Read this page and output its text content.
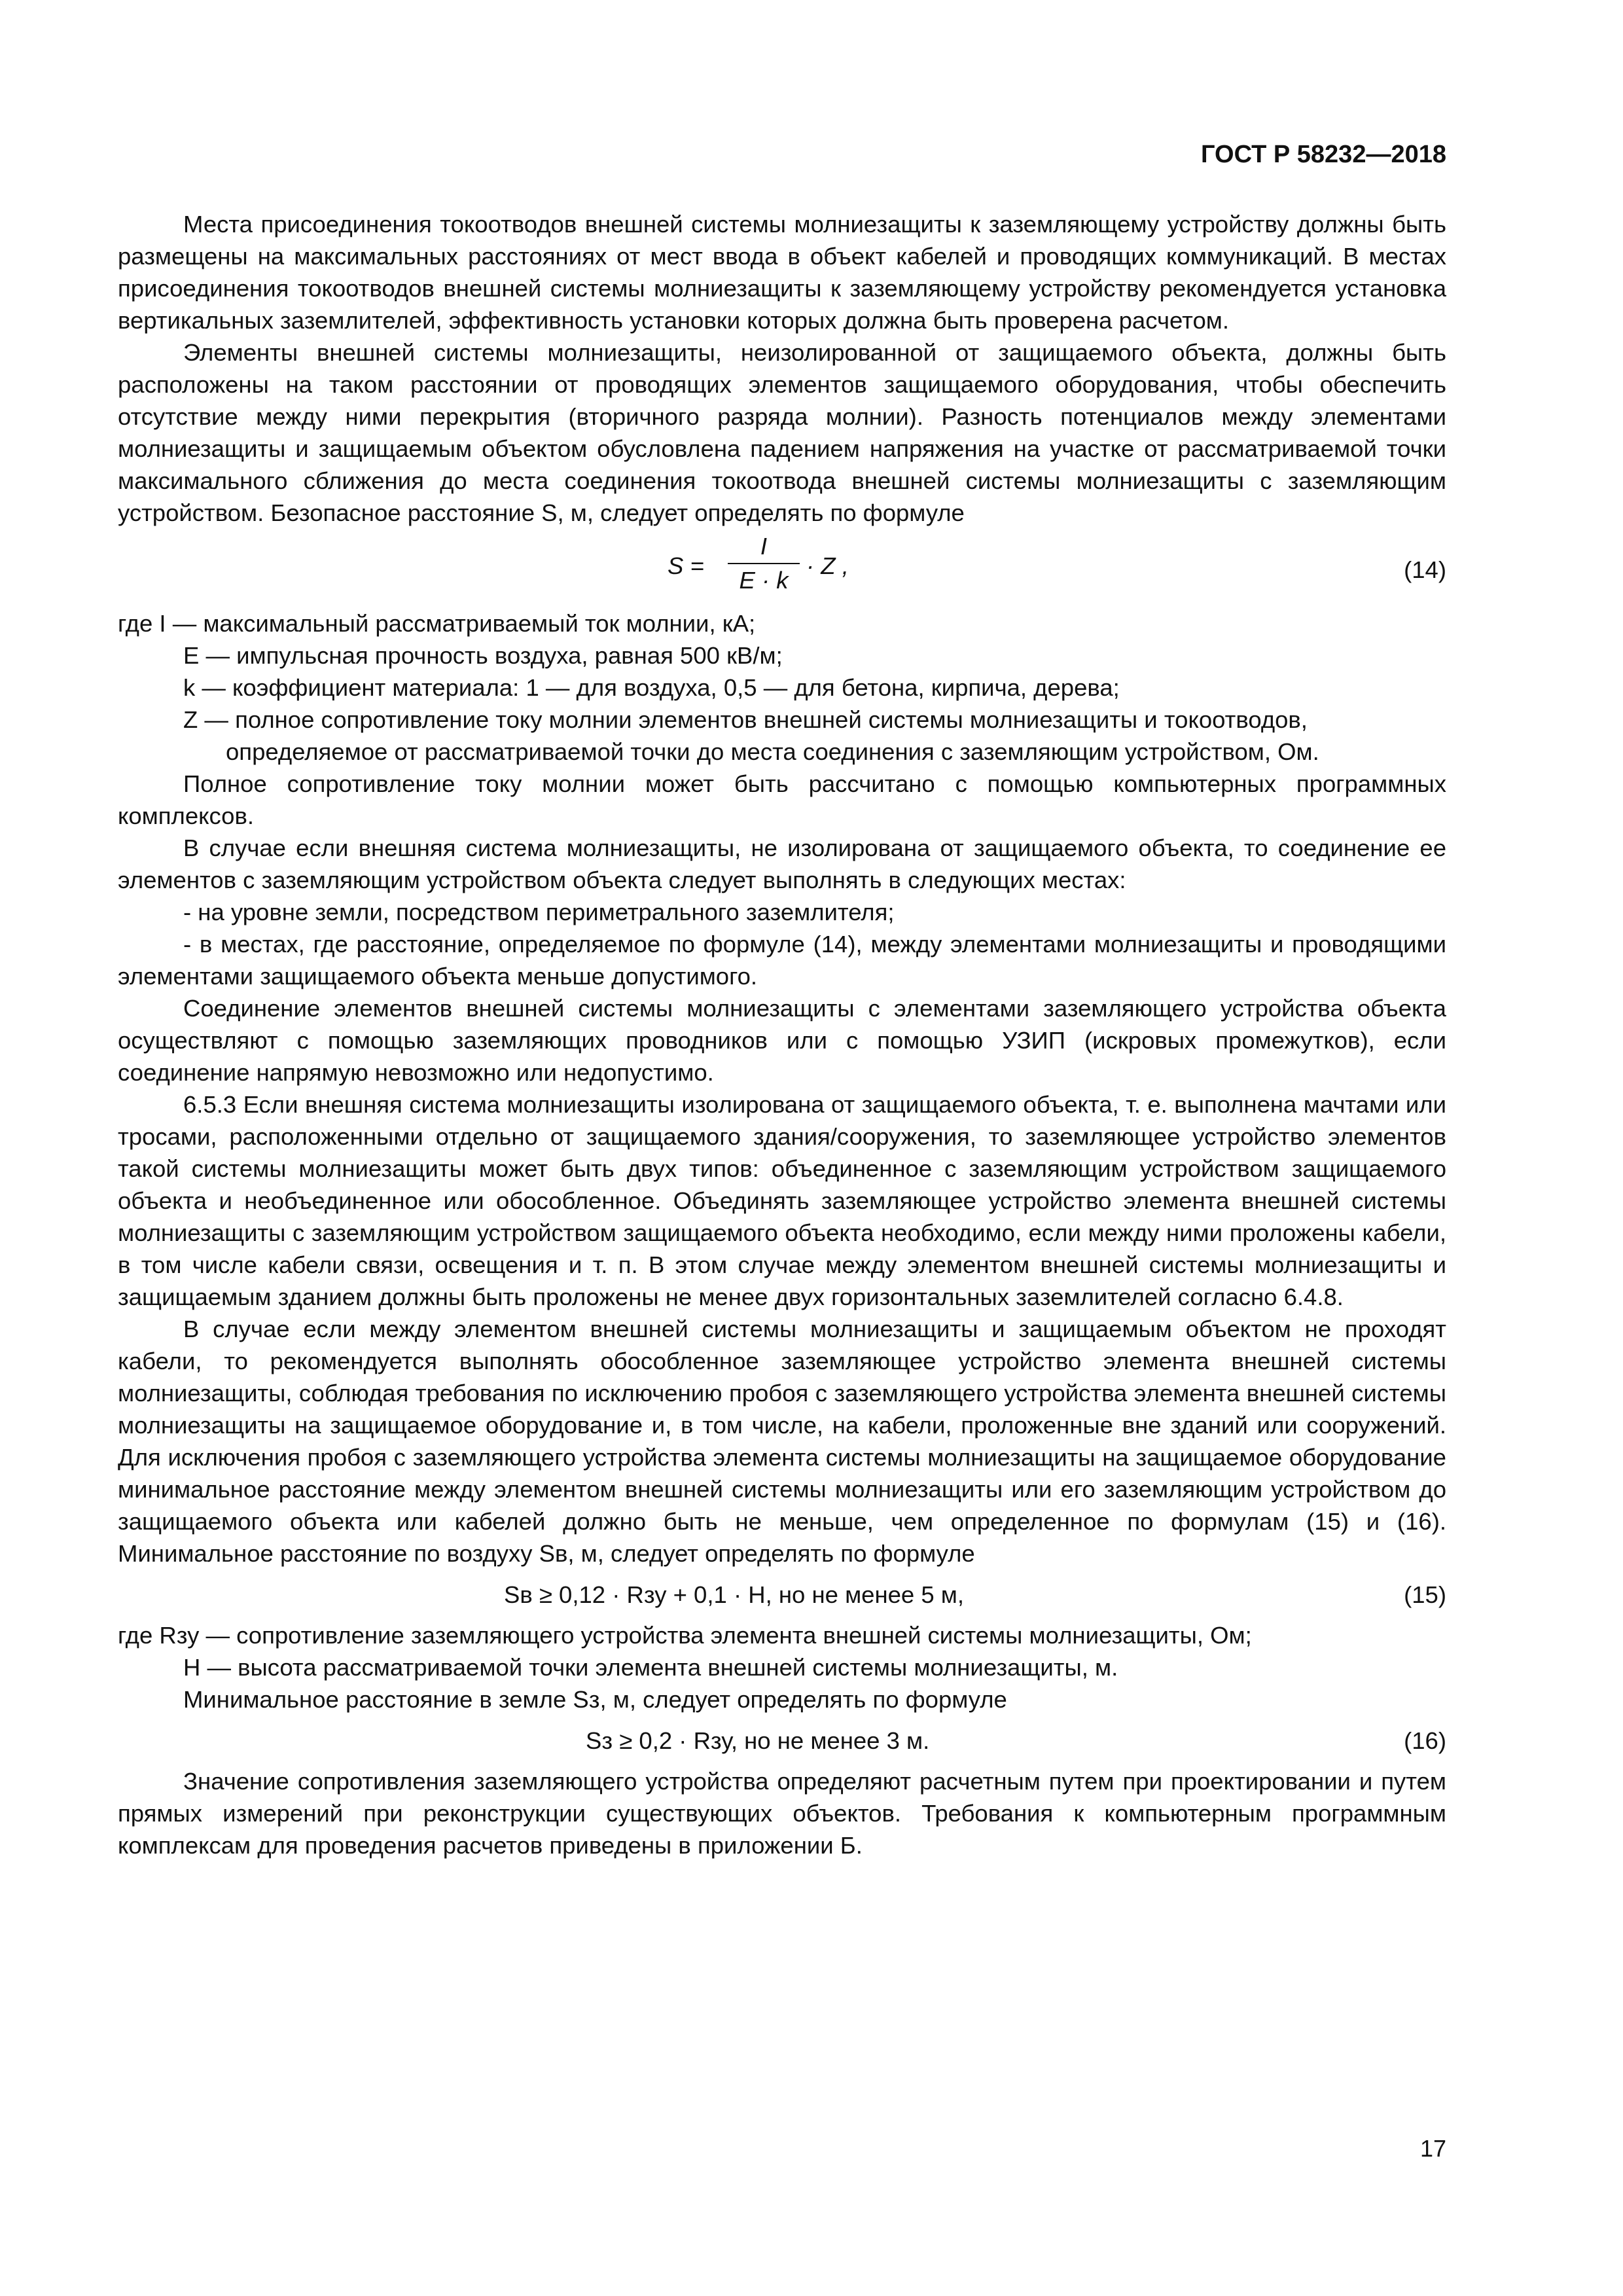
ГОСТ Р 58232—2018

Места присоединения токоотводов внешней системы молниезащиты к заземляющему устройству должны быть размещены на максимальных расстояниях от мест ввода в объект кабелей и проводящих коммуникаций. В местах присоединения токоотводов внешней системы молниезащиты к заземляющему устройству рекомендуется установка вертикальных заземлителей, эффективность установки которых должна быть проверена расчетом.

Элементы внешней системы молниезащиты, неизолированной от защищаемого объекта, должны быть расположены на таком расстоянии от проводящих элементов защищаемого оборудования, чтобы обеспечить отсутствие между ними перекрытия (вторичного разряда молнии). Разность потенциалов между элементами молниезащиты и защищаемым объектом обусловлена падением напряжения на участке от рассматриваемой точки максимального сближения до места соединения токоотвода внешней системы молниезащиты с заземляющим устройством. Безопасное расстояние S, м, следует определять по формуле

S =
I
E · k
· Z ,	(14)

где I — максимальный рассматриваемый ток молнии, кА;

E — импульсная прочность воздуха, равная 500 кВ/м;

k — коэффициент материала: 1 — для воздуха, 0,5 — для бетона, кирпича, дерева;

Z — полное сопротивление току молнии элементов внешней системы молниезащиты и токоотводов,

определяемое от рассматриваемой точки до места соединения с заземляющим устройством, Ом.

Полное сопротивление току молнии может быть рассчитано с помощью компьютерных программных комплексов.

В случае если внешняя система молниезащиты, не изолирована от защищаемого объекта, то соединение ее элементов с заземляющим устройством объекта следует выполнять в следующих местах:

- на уровне земли, посредством периметрального заземлителя;

- в местах, где расстояние, определяемое по формуле (14), между элементами молниезащиты и проводящими элементами защищаемого объекта меньше допустимого.

Соединение элементов внешней системы молниезащиты с элементами заземляющего устройства объекта осуществляют с помощью заземляющих проводников или с помощью УЗИП (искровых промежутков), если соединение напрямую невозможно или недопустимо.

6.5.3 Если внешняя система молниезащиты изолирована от защищаемого объекта, т. е. выполнена мачтами или тросами, расположенными отдельно от защищаемого здания/сооружения, то заземляющее устройство элементов такой системы молниезащиты может быть двух типов: объединенное с заземляющим устройством защищаемого объекта и необъединенное или обособленное. Объединять заземляющее устройство элемента внешней системы молниезащиты с заземляющим устройством защищаемого объекта необходимо, если между ними проложены кабели, в том числе кабели связи, освещения и т. п. В этом случае между элементом внешней системы молниезащиты и защищаемым зданием должны быть проложены не менее двух горизонтальных заземлителей согласно 6.4.8.

В случае если между элементом внешней системы молниезащиты и защищаемым объектом не проходят кабели, то рекомендуется выполнять обособленное заземляющее устройство элемента внешней системы молниезащиты, соблюдая требования по исключению пробоя с заземляющего устройства элемента внешней системы молниезащиты на защищаемое оборудование и, в том числе, на кабели, проложенные вне зданий или сооружений. Для исключения пробоя с заземляющего устройства элемента системы молниезащиты на защищаемое оборудование минимальное расстояние между элементом внешней системы молниезащиты или его заземляющим устройством до защищаемого объекта или кабелей должно быть не меньше, чем определенное по формулам (15) и (16). Минимальное расстояние по воздуху Sв, м, следует определять по формуле

Sв ≥ 0,12 · Rзу + 0,1 · H, но не менее 5 м,	(15)

где Rзу — сопротивление заземляющего устройства элемента внешней системы молниезащиты, Ом;

H — высота рассматриваемой точки элемента внешней системы молниезащиты, м.

Минимальное расстояние в земле Sз, м, следует определять по формуле

Sз ≥ 0,2 · Rзу, но не менее 3 м.	(16)

Значение сопротивления заземляющего устройства определяют расчетным путем при проектировании и путем прямых измерений при реконструкции существующих объектов. Требования к компьютерным программным комплексам для проведения расчетов приведены в приложении Б.

17
